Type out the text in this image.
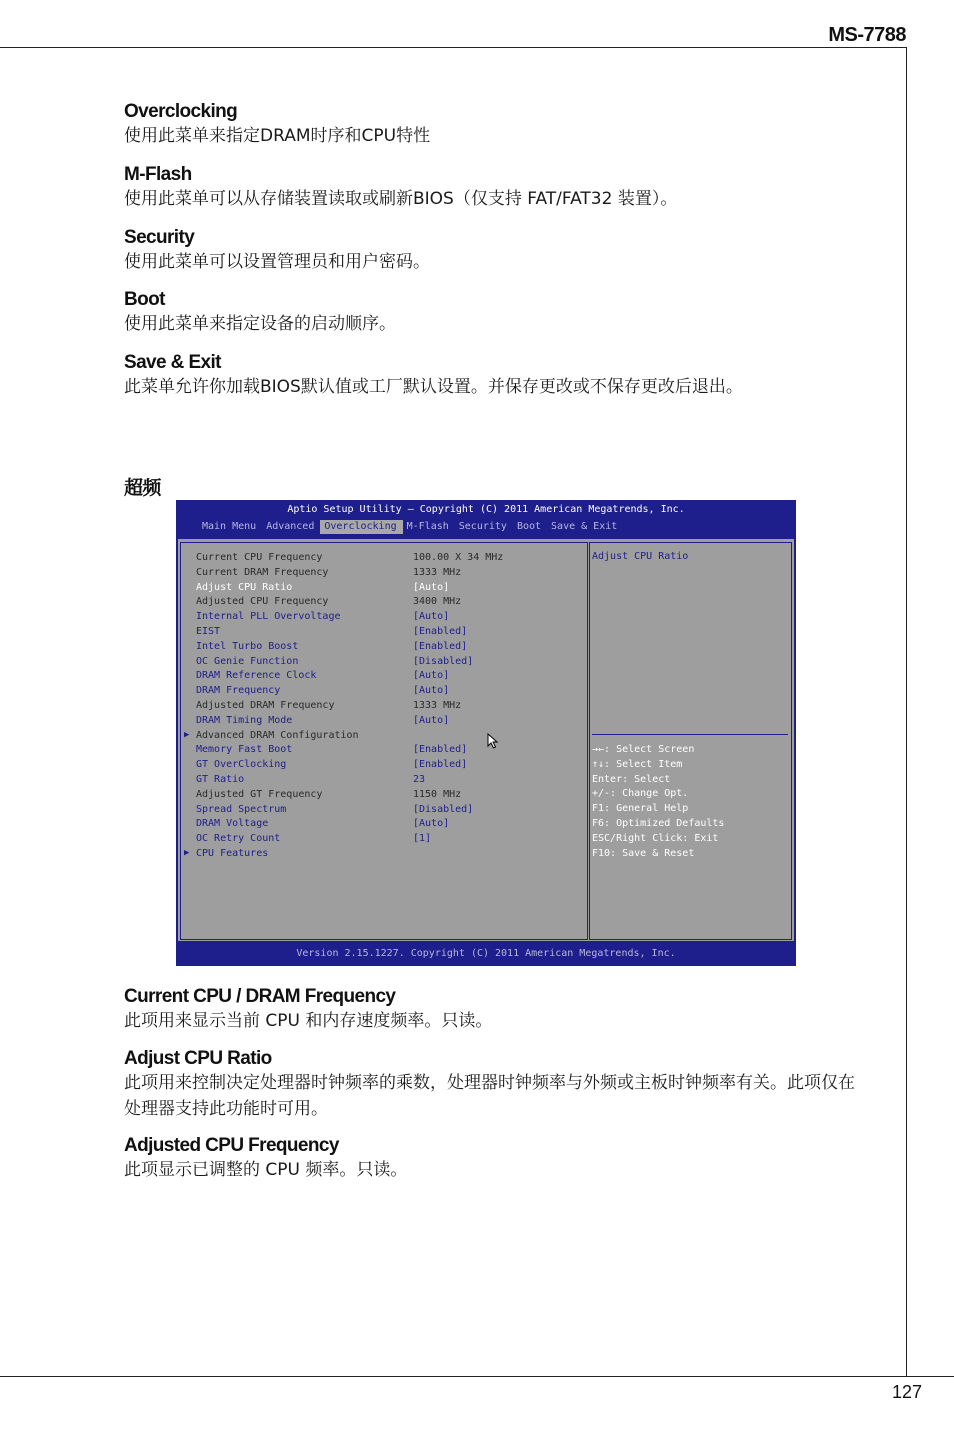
MS-7788
127
Overclocking
使用此菜单来指定DRAM时序和CPU特性
M-Flash
使用此菜单可以从存储装置读取或刷新BIOS（仅支持 FAT/FAT32 装置）。
Security
使用此菜单可以设置管理员和用户密码。
Boot
使用此菜单来指定设备的启动顺序。
Save & Exit
此菜单允许你加载BIOS默认值或工厂默认设置。并保存更改或不保存更改后退出。
超频
Aptio Setup Utility – Copyright (C) 2011 American Megatrends, Inc.
Main Menu	Advanced	Overclocking	M-Flash	Security	Boot	Save & Exit
Current CPU Frequency	100.00 X 34 MHz
Current DRAM Frequency	1333 MHz
Adjust CPU Ratio	[Auto]
Adjusted CPU Frequency	3400 MHz
Internal PLL Overvoltage	[Auto]
EIST	[Enabled]
Intel Turbo Boost	[Enabled]
OC Genie Function	[Disabled]
DRAM Reference Clock	[Auto]
DRAM Frequency	[Auto]
Adjusted DRAM Frequency	1333 MHz
DRAM Timing Mode	[Auto]
▶ Advanced DRAM Configuration
Memory Fast Boot	[Enabled]
GT OverClocking	[Enabled]
GT Ratio	23
Adjusted GT Frequency	1150 MHz
Spread Spectrum	[Disabled]
DRAM Voltage	[Auto]
OC Retry Count	[1]
▶ CPU Features
Adjust CPU Ratio
→←: Select Screen
↑↓: Select Item
Enter: Select
+/-: Change Opt.
F1: General Help
F6: Optimized Defaults
ESC/Right Click: Exit
F10: Save & Reset
Version 2.15.1227. Copyright (C) 2011 American Megatrends, Inc.
Current CPU / DRAM Frequency
此项用来显示当前 CPU 和内存速度频率。只读。
Adjust CPU Ratio
此项用来控制决定处理器时钟频率的乘数，处理器时钟频率与外频或主板时钟频率有关。此项仅在处理器支持此功能时可用。
Adjusted CPU Frequency
此项显示已调整的 CPU 频率。只读。
